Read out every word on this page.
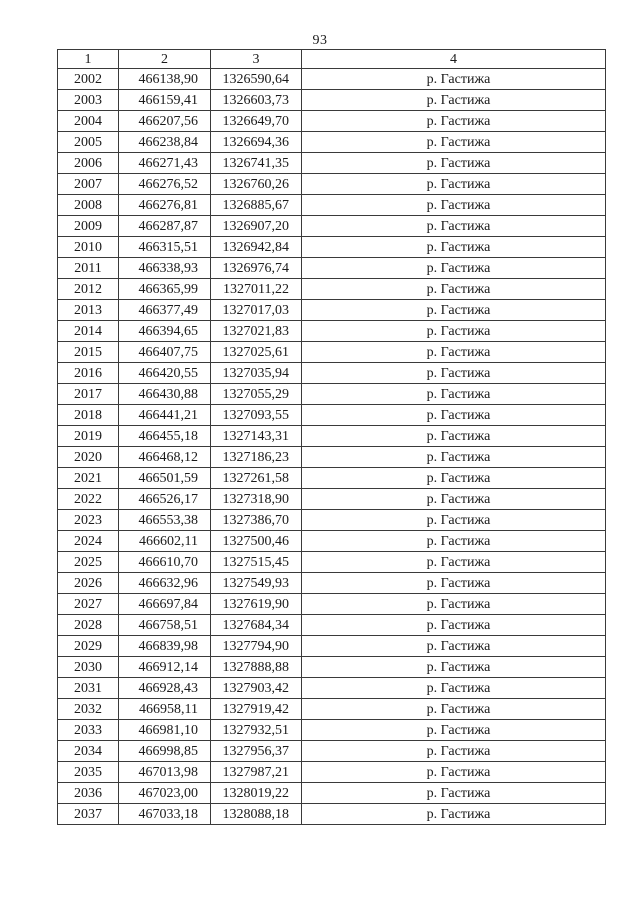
93
1	2	3	4
2002	466138,90	1326590,64	р. Гастижа
2003	466159,41	1326603,73	р. Гастижа
2004	466207,56	1326649,70	р. Гастижа
2005	466238,84	1326694,36	р. Гастижа
2006	466271,43	1326741,35	р. Гастижа
2007	466276,52	1326760,26	р. Гастижа
2008	466276,81	1326885,67	р. Гастижа
2009	466287,87	1326907,20	р. Гастижа
2010	466315,51	1326942,84	р. Гастижа
2011	466338,93	1326976,74	р. Гастижа
2012	466365,99	1327011,22	р. Гастижа
2013	466377,49	1327017,03	р. Гастижа
2014	466394,65	1327021,83	р. Гастижа
2015	466407,75	1327025,61	р. Гастижа
2016	466420,55	1327035,94	р. Гастижа
2017	466430,88	1327055,29	р. Гастижа
2018	466441,21	1327093,55	р. Гастижа
2019	466455,18	1327143,31	р. Гастижа
2020	466468,12	1327186,23	р. Гастижа
2021	466501,59	1327261,58	р. Гастижа
2022	466526,17	1327318,90	р. Гастижа
2023	466553,38	1327386,70	р. Гастижа
2024	466602,11	1327500,46	р. Гастижа
2025	466610,70	1327515,45	р. Гастижа
2026	466632,96	1327549,93	р. Гастижа
2027	466697,84	1327619,90	р. Гастижа
2028	466758,51	1327684,34	р. Гастижа
2029	466839,98	1327794,90	р. Гастижа
2030	466912,14	1327888,88	р. Гастижа
2031	466928,43	1327903,42	р. Гастижа
2032	466958,11	1327919,42	р. Гастижа
2033	466981,10	1327932,51	р. Гастижа
2034	466998,85	1327956,37	р. Гастижа
2035	467013,98	1327987,21	р. Гастижа
2036	467023,00	1328019,22	р. Гастижа
2037	467033,18	1328088,18	р. Гастижа
